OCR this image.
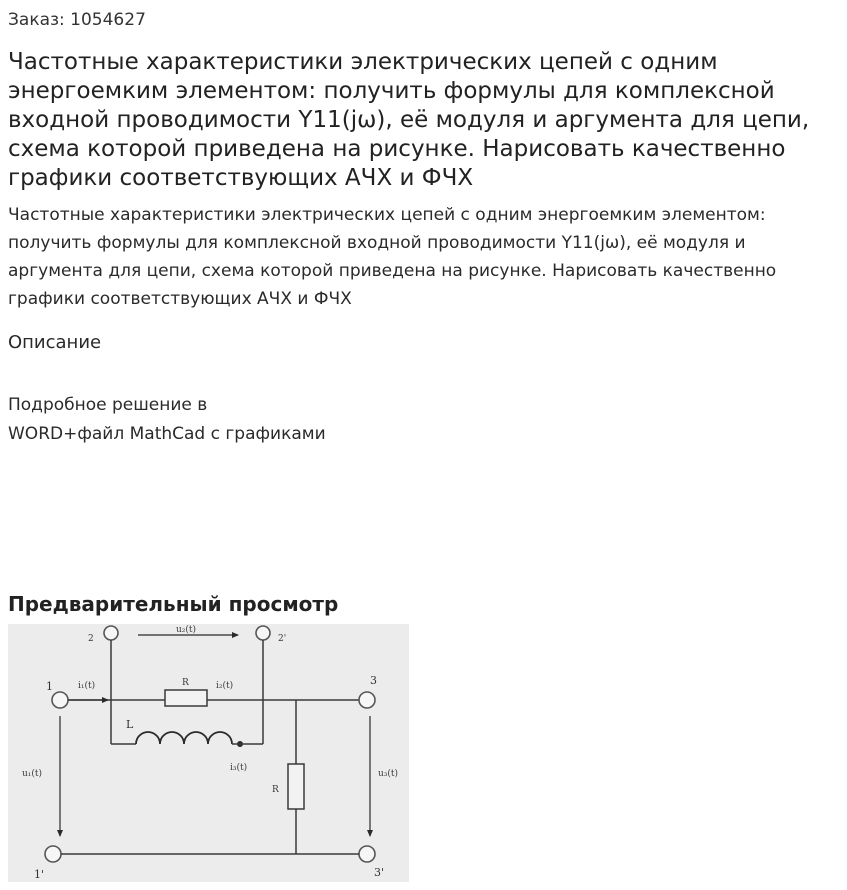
Заказ: 1054627
Частотные характеристики электрических цепей с одним энергоемким элементом: получить формулы для комплексной входной проводимости Y11(jω), её модуля и аргумента для цепи, схема которой приведена на рисунке. Нарисовать качественно графики соответствующих АЧХ и ФЧХ
Частотные характеристики электрических цепей с одним энергоемким элементом: получить формулы для комплексной входной проводимости Y11(jω), её модуля и аргумента для цепи, схема которой приведена на рисунке. Нарисовать качественно графики соответствующих АЧХ и ФЧХ
Описание
Подробное решение в
WORD+файл MathCad с графиками
Предварительный просмотр
2	2'
u₂(t)
1	i₁(t)	R	i₂(t)	3
L
i₃(t)
R
u₁(t)	u₃(t)
1'	3'
